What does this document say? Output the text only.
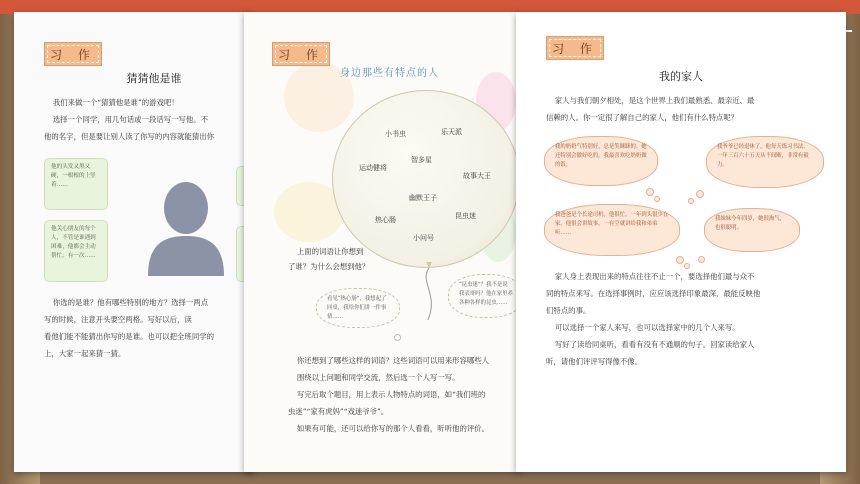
习 作
猜猜他是谁

我们来做一个“猜猜他是谁”的游戏吧！

选择一个同学，用几句话或一段话写一写他。不

他的名字，但是要让别人读了你写的内容就能猜出你

他的头发又黑又硬，一根根的上竖着……
他关心朋友的每个人，不管是谁遇到困难，他都会主动帮忙。有一次……

你选的是谁？他有哪些特别的地方？选择一两点

写的时候，注意开头要空两格。写好以后，读

看他们能不能猜出你写的是谁。也可以把全班同学的

上，大家一起来猜一猜。

习 作
身边那些有特点的人
小书虫	乐天派
智多星
运动健将
故事大王
幽默王子
热心肠	昆虫迷
小问号

上面的词语让你想到

了谁？为什么会想到他？

看见“热心肠”，我想起了同桌，我给你们讲一件事情……
“昆虫迷”？我不是说我表哥吗？他在家里养各种各样的昆虫……

你还想到了哪些这样的词语？这些词语可以用来形容哪些人

围绕以上问题和同学交流，然后选一个人写一写。

写完后取个题目，用上表示人物特点的词语，如“我们班的

虫迷”“家有虎妈”“戏迷爷爷”。

如果有可能，还可以给你写的那个人看看，听听他的评价。

习 作
我的家人

家人与我们朝夕相处，是这个世界上我们最熟悉、最亲近、最

信赖的人。你一定很了解自己的家人，他们有什么特点呢？

我的奶奶气特别好，总是笑眯眯的。她还特别会做好吃的，我最喜欢吃奶奶做的饭。
我爷爷已经退休了，他每天练习书法。一年三百六十五天从不间断，非常有毅力。
我爸爸是个长途司机，他很忙，一年到头很少在家。他很会讲故事，一有空就讲给我和弟弟听……
我妹妹今年四岁，她很淘气，也很聪明。

家人身上表现出来的特点往往不止一个，要选择他们最与众不

同的特点来写。在选择事例时，应应该选择印象最深、最能反映他

们特点的事。

可以选择一个家人来写，也可以选择家中的几个人来写。

写好了读给同桌听，看看有没有不通顺的句子。回家读给家人

听，请他们评评写得像不像。
